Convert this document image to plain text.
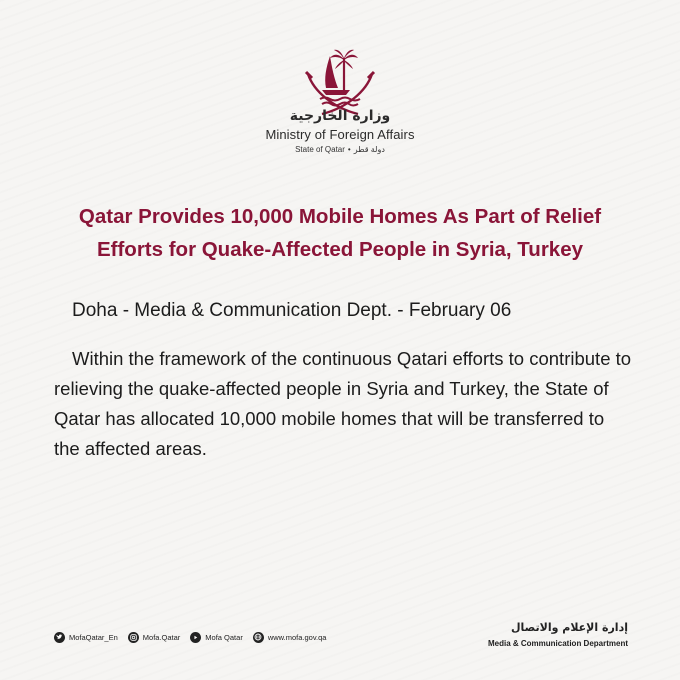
وزارة الخارجية
Ministry of Foreign Affairs
State of Qatar • دولة قطر
Qatar Provides 10,000 Mobile Homes As Part of Relief
Efforts for Quake-Affected People in Syria, Turkey
Doha - Media & Communication Dept. - February 06
Within the framework of the continuous Qatari efforts to contribute to relieving the quake-affected people in Syria and Turkey, the State of Qatar has allocated 10,000 mobile homes that will be transferred to the affected areas.
MofaQatar_En	Mofa.Qatar	Mofa Qatar	www.mofa.gov.qa
إدارة الإعلام والاتصال
Media & Communication Department
